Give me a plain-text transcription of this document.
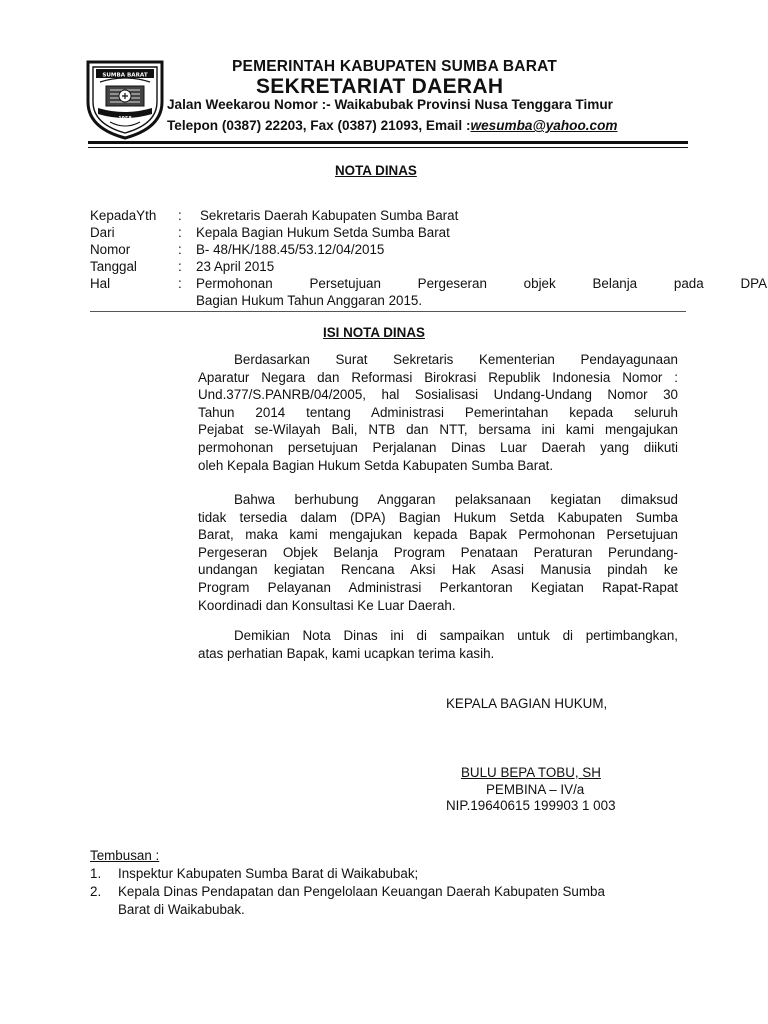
SUMBA BARAT
1958
PEMERINTAH KABUPATEN SUMBA BARAT
SEKRETARIAT DAERAH
Jalan Weekarou Nomor :- Waikabubak Provinsi Nusa Tenggara Timur
Telepon (0387) 22203, Fax (0387) 21093, Email :wesumba@yahoo.com
NOTA DINAS
KepadaYth : Sekretaris Daerah Kabupaten Sumba Barat
Dari	: Kepala Bagian Hukum Setda Sumba Barat
Nomor	: B- 48/HK/188.45/53.12/04/2015
Tanggal	: 23 April 2015
Hal	: Permohonan Persetujuan Pergeseran objek Belanja pada DPA
Bagian Hukum Tahun Anggaran 2015.
ISI NOTA DINAS
Berdasarkan Surat Sekretaris Kementerian Pendayagunaan
Aparatur Negara dan Reformasi Birokrasi Republik Indonesia Nomor :
Und.377/S.PANRB/04/2005, hal Sosialisasi Undang-Undang Nomor 30
Tahun 2014 tentang Administrasi Pemerintahan kepada seluruh
Pejabat se-Wilayah Bali, NTB dan NTT, bersama ini kami mengajukan
permohonan persetujuan Perjalanan Dinas Luar Daerah yang diikuti
oleh Kepala Bagian Hukum Setda Kabupaten Sumba Barat.
Bahwa berhubung Anggaran pelaksanaan kegiatan dimaksud
tidak tersedia dalam (DPA) Bagian Hukum Setda Kabupaten Sumba
Barat, maka kami mengajukan kepada Bapak Permohonan Persetujuan
Pergeseran Objek Belanja Program Penataan Peraturan Perundang-
undangan kegiatan Rencana Aksi Hak Asasi Manusia pindah ke
Program Pelayanan Administrasi Perkantoran Kegiatan Rapat-Rapat
Koordinadi dan Konsultasi Ke Luar Daerah.
Demikian Nota Dinas ini di sampaikan untuk di pertimbangkan,
atas perhatian Bapak, kami ucapkan terima kasih.
KEPALA BAGIAN HUKUM,
BULU BEPA TOBU, SH
PEMBINA – IV/a
NIP.19640615 199903 1 003
Tembusan :
1. Inspektur Kabupaten Sumba Barat di Waikabubak;
2. Kepala Dinas Pendapatan dan Pengelolaan Keuangan Daerah Kabupaten Sumba
Barat di Waikabubak.
